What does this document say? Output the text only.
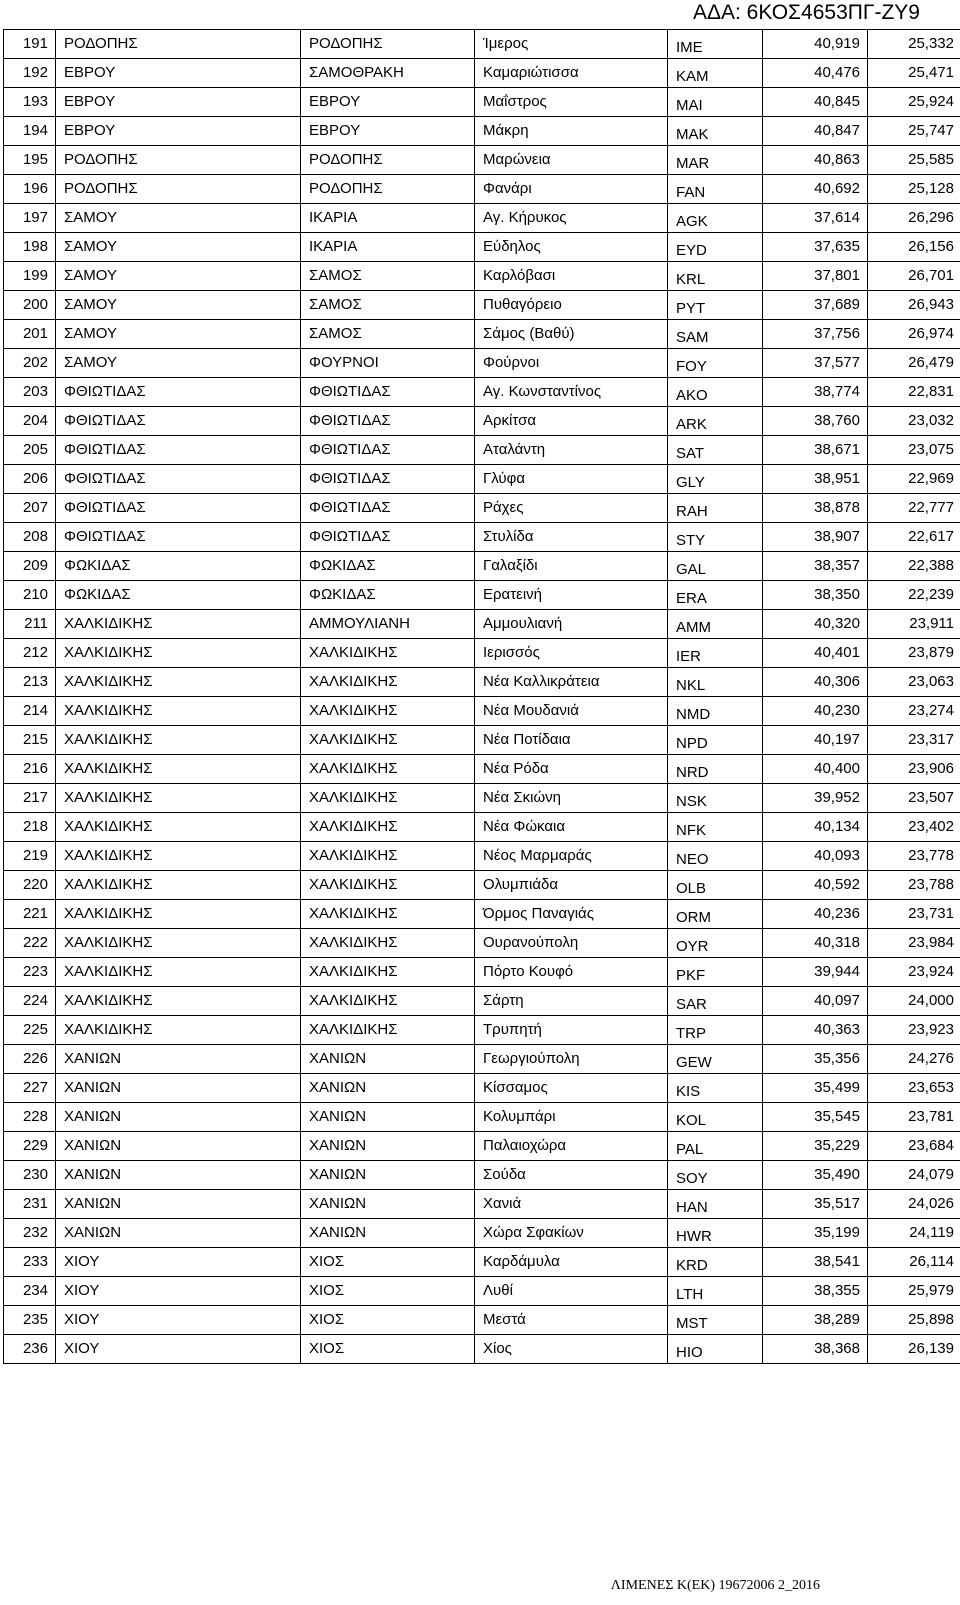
ΑΔΑ: 6ΚΟΣ4653ΠΓ-ΖΥ9
191	ΡΟΔΟΠΗΣ	ΡΟΔΟΠΗΣ	Ίμερος	IME	40,919	25,332
192	ΕΒΡΟΥ	ΣΑΜΟΘΡΑΚΗ	Καμαριώτισσα	KAM	40,476	25,471
193	ΕΒΡΟΥ	ΕΒΡΟΥ	Μαΐστρος	MAI	40,845	25,924
194	ΕΒΡΟΥ	ΕΒΡΟΥ	Μάκρη	MAK	40,847	25,747
195	ΡΟΔΟΠΗΣ	ΡΟΔΟΠΗΣ	Μαρώνεια	MAR	40,863	25,585
196	ΡΟΔΟΠΗΣ	ΡΟΔΟΠΗΣ	Φανάρι	FAN	40,692	25,128
197	ΣΑΜΟΥ	ΙΚΑΡΙΑ	Αγ. Κήρυκος	AGK	37,614	26,296
198	ΣΑΜΟΥ	ΙΚΑΡΙΑ	Εύδηλος	EYD	37,635	26,156
199	ΣΑΜΟΥ	ΣΑΜΟΣ	Καρλόβασι	KRL	37,801	26,701
200	ΣΑΜΟΥ	ΣΑΜΟΣ	Πυθαγόρειο	PYT	37,689	26,943
201	ΣΑΜΟΥ	ΣΑΜΟΣ	Σάμος (Βαθύ)	SAM	37,756	26,974
202	ΣΑΜΟΥ	ΦΟΥΡΝΟΙ	Φούρνοι	FOY	37,577	26,479
203	ΦΘΙΩΤΙΔΑΣ	ΦΘΙΩΤΙΔΑΣ	Αγ. Κωνσταντίνος	AKO	38,774	22,831
204	ΦΘΙΩΤΙΔΑΣ	ΦΘΙΩΤΙΔΑΣ	Αρκίτσα	ARK	38,760	23,032
205	ΦΘΙΩΤΙΔΑΣ	ΦΘΙΩΤΙΔΑΣ	Αταλάντη	SAT	38,671	23,075
206	ΦΘΙΩΤΙΔΑΣ	ΦΘΙΩΤΙΔΑΣ	Γλύφα	GLY	38,951	22,969
207	ΦΘΙΩΤΙΔΑΣ	ΦΘΙΩΤΙΔΑΣ	Ράχες	RAH	38,878	22,777
208	ΦΘΙΩΤΙΔΑΣ	ΦΘΙΩΤΙΔΑΣ	Στυλίδα	STY	38,907	22,617
209	ΦΩΚΙΔΑΣ	ΦΩΚΙΔΑΣ	Γαλαξίδι	GAL	38,357	22,388
210	ΦΩΚΙΔΑΣ	ΦΩΚΙΔΑΣ	Ερατεινή	ERA	38,350	22,239
211	ΧΑΛΚΙΔΙΚΗΣ	ΑΜΜΟΥΛΙΑΝΗ	Αμμουλιανή	AMM	40,320	23,911
212	ΧΑΛΚΙΔΙΚΗΣ	ΧΑΛΚΙΔΙΚΗΣ	Ιερισσός	IER	40,401	23,879
213	ΧΑΛΚΙΔΙΚΗΣ	ΧΑΛΚΙΔΙΚΗΣ	Νέα Καλλικράτεια	NKL	40,306	23,063
214	ΧΑΛΚΙΔΙΚΗΣ	ΧΑΛΚΙΔΙΚΗΣ	Νέα Μουδανιά	NMD	40,230	23,274
215	ΧΑΛΚΙΔΙΚΗΣ	ΧΑΛΚΙΔΙΚΗΣ	Νέα Ποτίδαια	NPD	40,197	23,317
216	ΧΑΛΚΙΔΙΚΗΣ	ΧΑΛΚΙΔΙΚΗΣ	Νέα Ρόδα	NRD	40,400	23,906
217	ΧΑΛΚΙΔΙΚΗΣ	ΧΑΛΚΙΔΙΚΗΣ	Νέα Σκιώνη	NSK	39,952	23,507
218	ΧΑΛΚΙΔΙΚΗΣ	ΧΑΛΚΙΔΙΚΗΣ	Νέα Φώκαια	NFK	40,134	23,402
219	ΧΑΛΚΙΔΙΚΗΣ	ΧΑΛΚΙΔΙΚΗΣ	Νέος Μαρμαράς	NEO	40,093	23,778
220	ΧΑΛΚΙΔΙΚΗΣ	ΧΑΛΚΙΔΙΚΗΣ	Ολυμπιάδα	OLB	40,592	23,788
221	ΧΑΛΚΙΔΙΚΗΣ	ΧΑΛΚΙΔΙΚΗΣ	Όρμος Παναγιάς	ORM	40,236	23,731
222	ΧΑΛΚΙΔΙΚΗΣ	ΧΑΛΚΙΔΙΚΗΣ	Ουρανούπολη	OYR	40,318	23,984
223	ΧΑΛΚΙΔΙΚΗΣ	ΧΑΛΚΙΔΙΚΗΣ	Πόρτο Κουφό	PKF	39,944	23,924
224	ΧΑΛΚΙΔΙΚΗΣ	ΧΑΛΚΙΔΙΚΗΣ	Σάρτη	SAR	40,097	24,000
225	ΧΑΛΚΙΔΙΚΗΣ	ΧΑΛΚΙΔΙΚΗΣ	Τρυπητή	TRP	40,363	23,923
226	ΧΑΝΙΩΝ	ΧΑΝΙΩΝ	Γεωργιούπολη	GEW	35,356	24,276
227	ΧΑΝΙΩΝ	ΧΑΝΙΩΝ	Κίσσαμος	KIS	35,499	23,653
228	ΧΑΝΙΩΝ	ΧΑΝΙΩΝ	Κολυμπάρι	KOL	35,545	23,781
229	ΧΑΝΙΩΝ	ΧΑΝΙΩΝ	Παλαιοχώρα	PAL	35,229	23,684
230	ΧΑΝΙΩΝ	ΧΑΝΙΩΝ	Σούδα	SOY	35,490	24,079
231	ΧΑΝΙΩΝ	ΧΑΝΙΩΝ	Χανιά	HAN	35,517	24,026
232	ΧΑΝΙΩΝ	ΧΑΝΙΩΝ	Χώρα Σφακίων	HWR	35,199	24,119
233	ΧΙΟΥ	ΧΙΟΣ	Καρδάμυλα	KRD	38,541	26,114
234	ΧΙΟΥ	ΧΙΟΣ	Λυθί	LTH	38,355	25,979
235	ΧΙΟΥ	ΧΙΟΣ	Μεστά	MST	38,289	25,898
236	ΧΙΟΥ	ΧΙΟΣ	Χίος	HIO	38,368	26,139
ΛΙΜΕΝΕΣ Κ(ΕΚ) 19672006 2_2016
